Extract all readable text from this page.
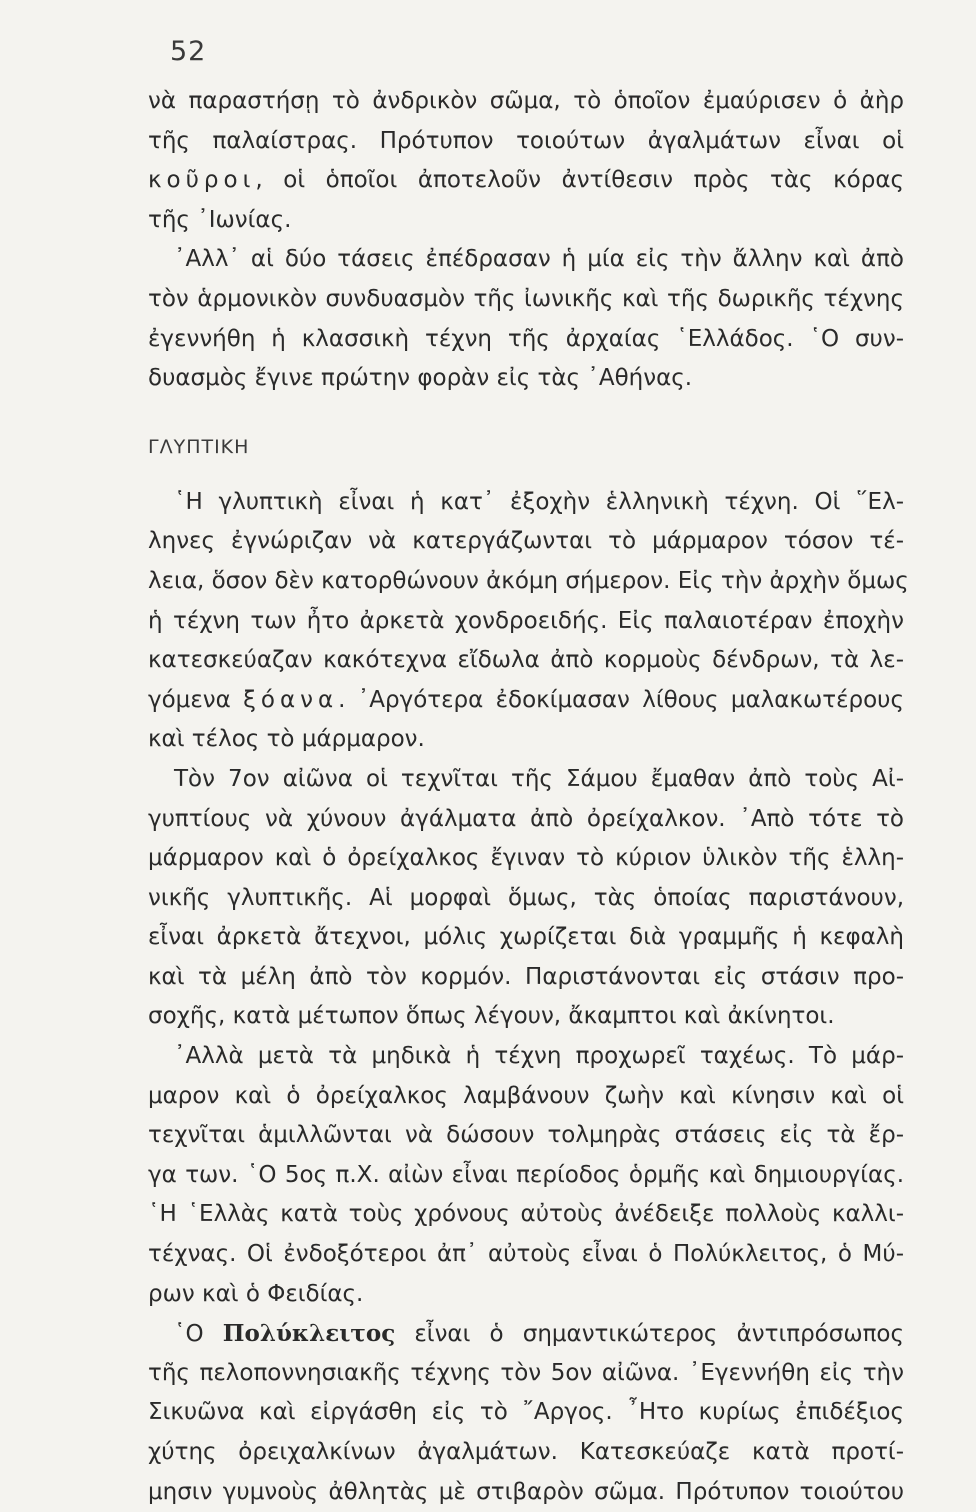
52
νὰ παραστήσῃ τὸ ἀνδρικὸν σῶμα, τὸ ὁποῖον ἐμαύρισεν ὁ ἀὴρ
τῆς παλαίστρας. Πρότυπον τοιούτων ἀγαλμάτων εἶναι οἱ
κοῦροι, οἱ ὁποῖοι ἀποτελοῦν ἀντίθεσιν πρὸς τὰς κόρας
τῆς ᾿Ιωνίας.
᾿Αλλ᾿ αἱ δύο τάσεις ἐπέδρασαν ἡ μία εἰς τὴν ἄλλην καὶ ἀπὸ
τὸν ἁρμονικὸν συνδυασμὸν τῆς ἰωνικῆς καὶ τῆς δωρικῆς τέχνης
ἐγεννήθη ἡ κλασσικὴ τέχνη τῆς ἀρχαίας ῾Ελλάδος. ῾Ο συν-
δυασμὸς ἔγινε πρώτην φορὰν εἰς τὰς ᾿Αθήνας.
ΓΛΥΠΤΙΚΗ
῾Η γλυπτικὴ εἶναι ἡ κατ᾿ ἐξοχὴν ἑλληνικὴ τέχνη. Οἱ ῞Ελ-
ληνες ἐγνώριζαν νὰ κατεργάζωνται τὸ μάρμαρον τόσον τέ-
λεια, ὅσον δὲν κατορθώνουν ἀκόμη σήμερον. Εἰς τὴν ἀρχὴν ὅμως
ἡ τέχνη των ἦτο ἀρκετὰ χονδροειδής. Εἰς παλαιοτέραν ἐποχὴν
κατεσκεύαζαν κακότεχνα εἴδωλα ἀπὸ κορμοὺς δένδρων, τὰ λε-
γόμενα ξόανα. ᾿Αργότερα ἐδοκίμασαν λίθους μαλακωτέρους
καὶ τέλος τὸ μάρμαρον.
Τὸν 7ον αἰῶνα οἱ τεχνῖται τῆς Σάμου ἔμαθαν ἀπὸ τοὺς Αἰ-
γυπτίους νὰ χύνουν ἀγάλματα ἀπὸ ὀρείχαλκον. ᾿Απὸ τότε τὸ
μάρμαρον καὶ ὁ ὀρείχαλκος ἔγιναν τὸ κύριον ὑλικὸν τῆς ἑλλη-
νικῆς γλυπτικῆς. Αἱ μορφαὶ ὅμως, τὰς ὁποίας παριστάνουν,
εἶναι ἀρκετὰ ἄτεχνοι, μόλις χωρίζεται διὰ γραμμῆς ἡ κεφαλὴ
καὶ τὰ μέλη ἀπὸ τὸν κορμόν. Παριστάνονται εἰς στάσιν προ-
σοχῆς, κατὰ μέτωπον ὅπως λέγουν, ἄκαμπτοι καὶ ἀκίνητοι.
᾿Αλλὰ μετὰ τὰ μηδικὰ ἡ τέχνη προχωρεῖ ταχέως. Τὸ μάρ-
μαρον καὶ ὁ ὀρείχαλκος λαμβάνουν ζωὴν καὶ κίνησιν καὶ οἱ
τεχνῖται ἁμιλλῶνται νὰ δώσουν τολμηρὰς στάσεις εἰς τὰ ἔρ-
γα των. ῾Ο 5ος π.Χ. αἰὼν εἶναι περίοδος ὁρμῆς καὶ δημιουργίας.
῾Η ῾Ελλὰς κατὰ τοὺς χρόνους αὐτοὺς ἀνέδειξε πολλοὺς καλλι-
τέχνας. Οἱ ἐνδοξότεροι ἀπ᾿ αὐτοὺς εἶναι ὁ Πολύκλειτος, ὁ Μύ-
ρων καὶ ὁ Φειδίας.
῾Ο Πολύκλειτος εἶναι ὁ σημαντικώτερος ἀντιπρόσωπος
τῆς πελοποννησιακῆς τέχνης τὸν 5ον αἰῶνα. ᾿Εγεννήθη εἰς τὴν
Σικυῶνα καὶ εἰργάσθη εἰς τὸ ῎Αργος. ῏Ητο κυρίως ἐπιδέξιος
χύτης ὀρειχαλκίνων ἀγαλμάτων. Κατεσκεύαζε κατὰ προτί-
μησιν γυμνοὺς ἀθλητὰς μὲ στιβαρὸν σῶμα. Πρότυπον τοιούτου
